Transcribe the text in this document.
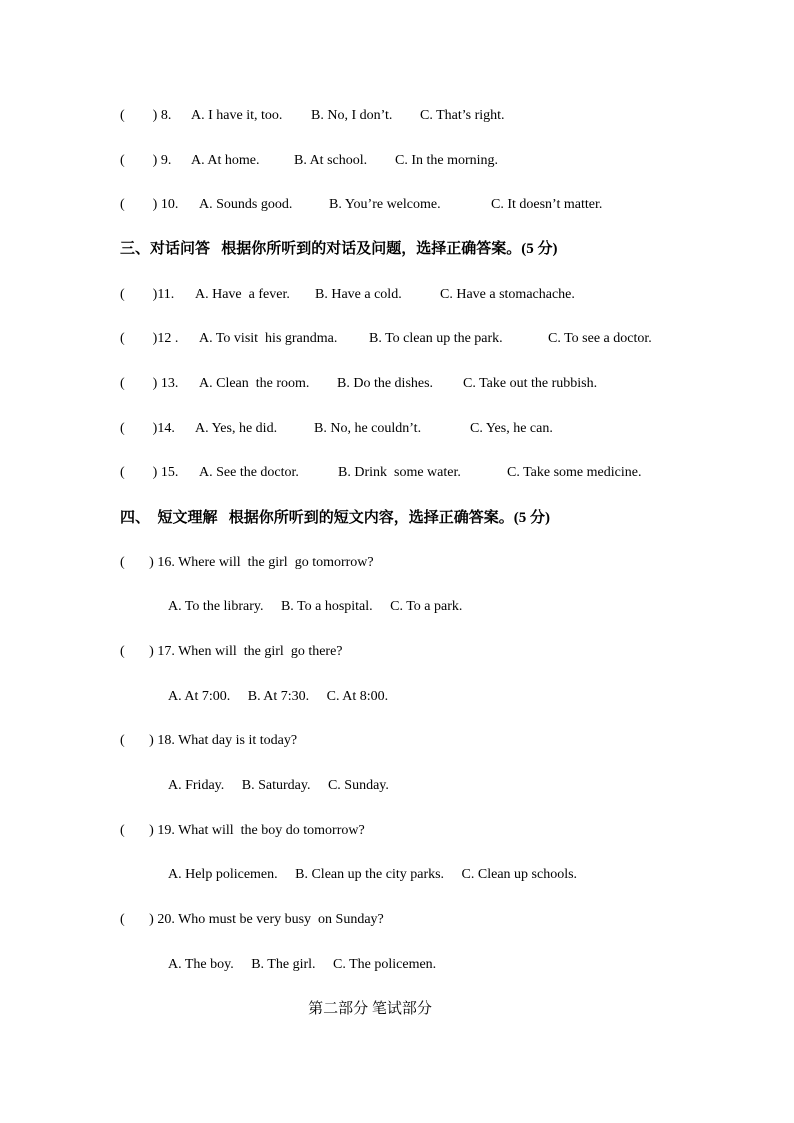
(        ) 8. A. I have it, too. B. No, I don’t. C. That’s right.
(        ) 9. A. At home. B. At school. C. In the morning.
(        ) 10. A. Sounds good.	B. You’re welcome.	C. It doesn’t matter.
三、对话问答   根据你所听到的对话及问题，选择正确答案。(5 分)
(        )11. A. Have  a fever. B. Have a cold.	C. Have a stomachache.
(        )12 . A. To visit  his grandma. B. To clean up the park.	C. To see a doctor.
(        ) 13. A. Clean  the room. B. Do the dishes. C. Take out the rubbish.
(        )14. A. Yes, he did.	B. No, he couldn’t.	C. Yes, he can.
(        ) 15. A. See the doctor.	B. Drink  some water.	C. Take some medicine.
四、  短文理解   根据你所听到的短文内容，选择正确答案。(5 分)
(       ) 16. Where will  the girl  go tomorrow?
A. To the library.     B. To a hospital.     C. To a park.
(       ) 17. When will  the girl  go there?
A. At 7:00.     B. At 7:30.     C. At 8:00.
(       ) 18. What day is it today?
A. Friday.     B. Saturday.     C. Sunday.
(       ) 19. What will  the boy do tomorrow?
A. Help policemen.     B. Clean up the city parks.     C. Clean up schools.
(       ) 20. Who must be very busy  on Sunday?
A. The boy.     B. The girl.     C. The policemen.
第二部分 笔试部分
